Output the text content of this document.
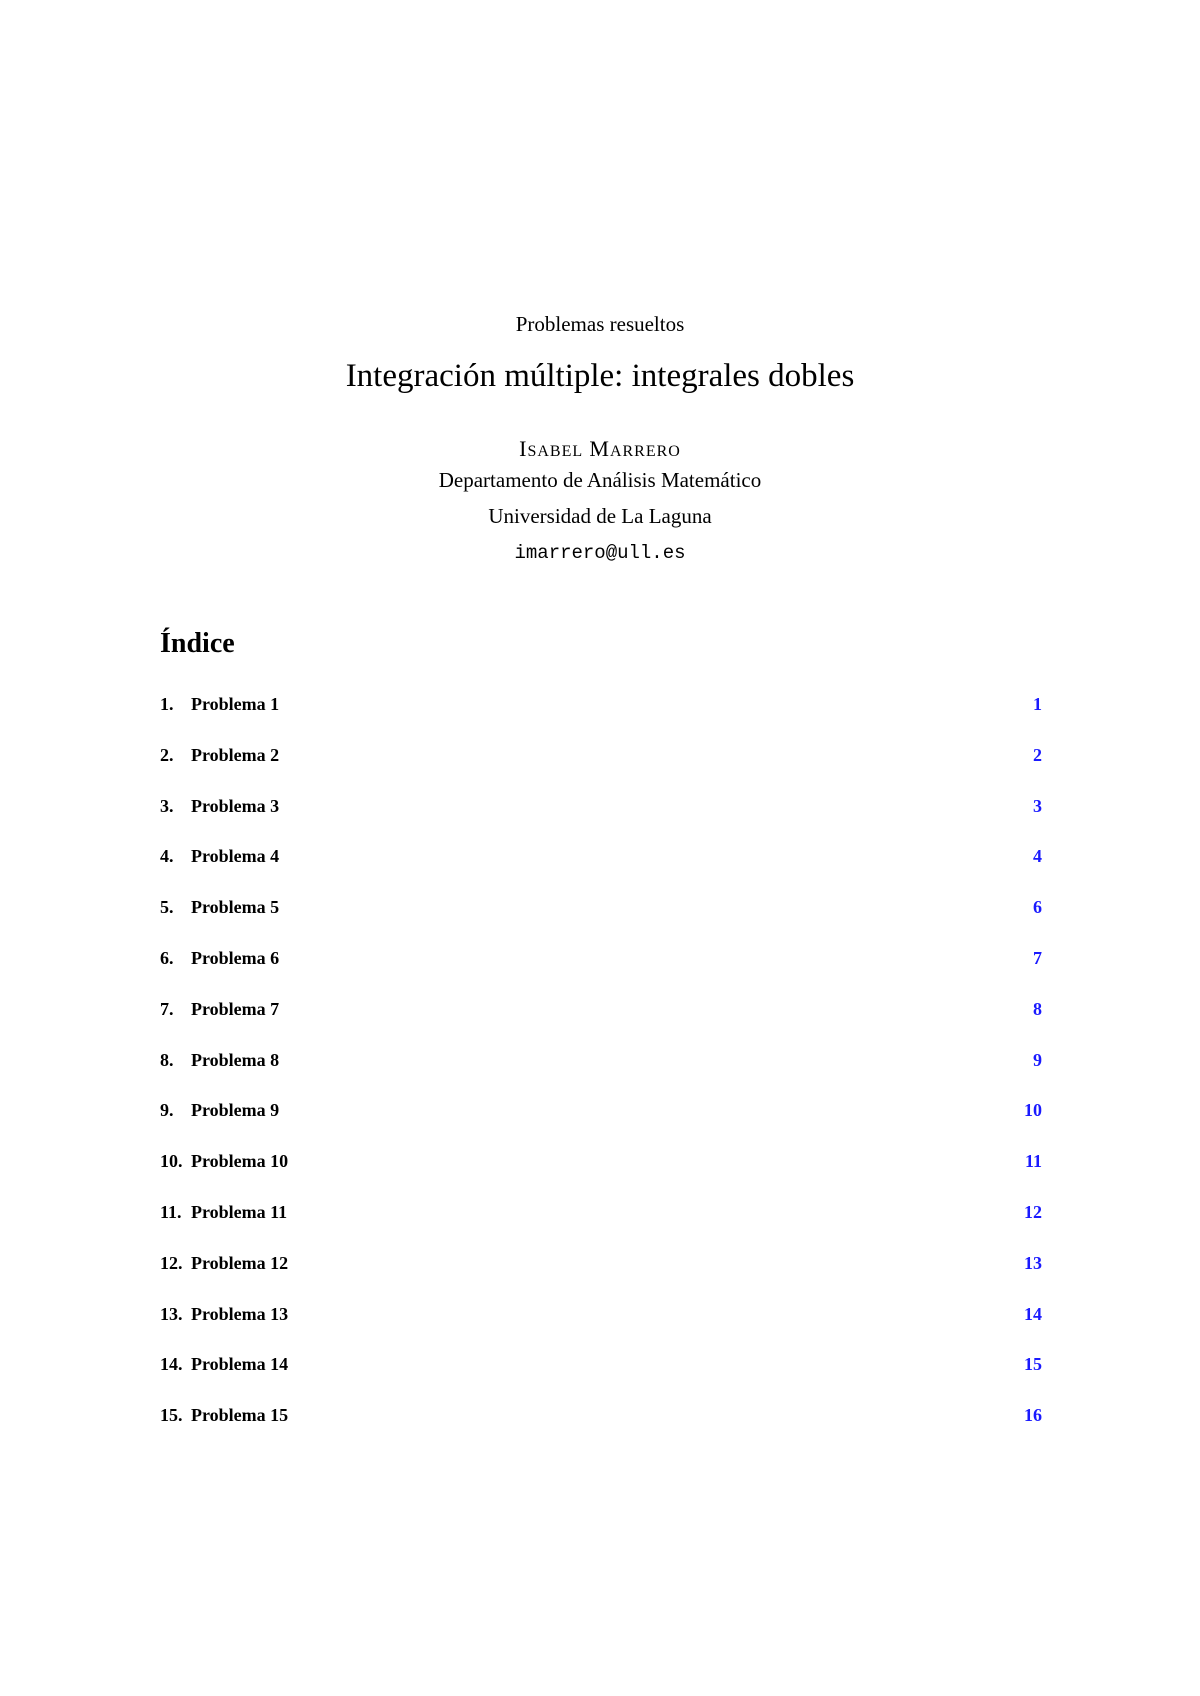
Problemas resueltos
Integración múltiple: integrales dobles
ISABEL MARRERO
Departamento de Análisis Matemático
Universidad de La Laguna
imarrero@ull.es
Índice
1. Problema 1	1
2. Problema 2	2
3. Problema 3	3
4. Problema 4	4
5. Problema 5	6
6. Problema 6	7
7. Problema 7	8
8. Problema 8	9
9. Problema 9	10
10. Problema 10	11
11. Problema 11	12
12. Problema 12	13
13. Problema 13	14
14. Problema 14	15
15. Problema 15	16
